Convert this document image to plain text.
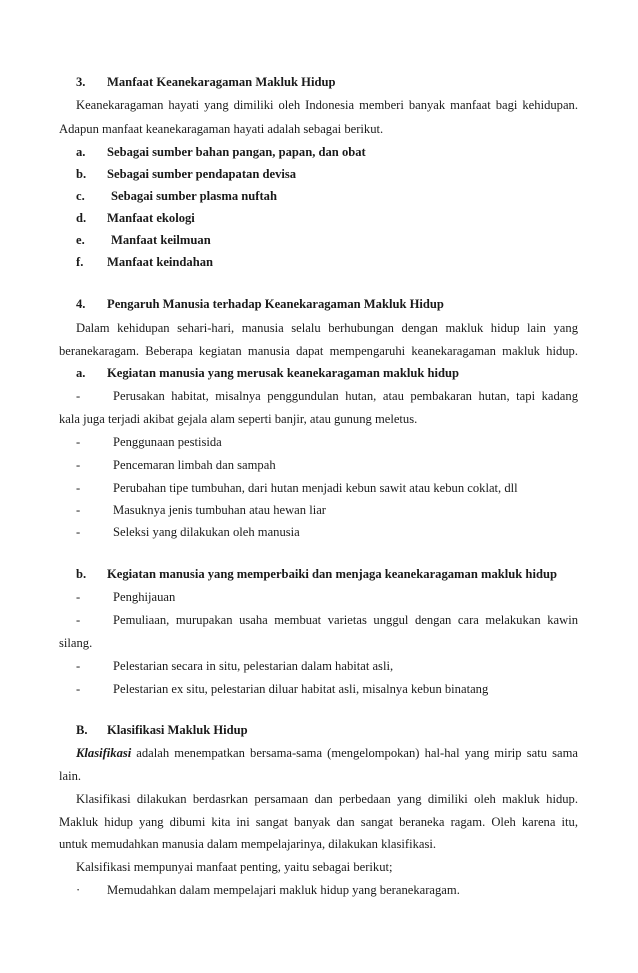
3. Manfaat Keanekaragaman Makluk Hidup
Keanekaragaman hayati yang dimiliki oleh Indonesia memberi banyak manfaat bagi kehidupan.
Adapun manfaat keanekaragaman hayati adalah sebagai berikut.
a. Sebagai sumber bahan pangan, papan, dan obat
b. Sebagai sumber pendapatan devisa
c. Sebagai sumber plasma nuftah
d. Manfaat ekologi
e. Manfaat keilmuan
f. Manfaat keindahan
4. Pengaruh Manusia terhadap Keanekaragaman Makluk Hidup
Dalam kehidupan sehari-hari, manusia selalu berhubungan dengan makluk hidup lain yang
beranekaragam. Beberapa kegiatan manusia dapat mempengaruhi keanekaragaman makluk hidup.
a. Kegiatan manusia yang merusak keanekaragaman makluk hidup
-	Perusakan habitat, misalnya penggundulan hutan, atau pembakaran hutan, tapi kadang
kala juga terjadi akibat gejala alam seperti banjir, atau gunung meletus.
-	Penggunaan pestisida
-	Pencemaran limbah dan sampah
-	Perubahan tipe tumbuhan, dari hutan menjadi kebun sawit atau kebun coklat, dll
-	Masuknya jenis tumbuhan atau hewan liar
-	Seleksi yang dilakukan oleh manusia
b. Kegiatan manusia yang memperbaiki dan menjaga keanekaragaman makluk hidup
-	Penghijauan
-	Pemuliaan, murupakan usaha membuat varietas unggul dengan cara melakukan kawin
silang.
-	Pelestarian secara in situ, pelestarian dalam habitat asli,
-	Pelestarian ex situ, pelestarian diluar habitat asli, misalnya kebun binatang
B. Klasifikasi Makluk Hidup
Klasifikasi adalah menempatkan bersama-sama (mengelompokan) hal-hal yang mirip satu sama
lain.
Klasifikasi dilakukan berdasrkan persamaan dan perbedaan yang dimiliki oleh makluk hidup.
Makluk hidup yang dibumi kita ini sangat banyak dan sangat beraneka ragam. Oleh karena itu,
untuk memudahkan manusia dalam mempelajarinya, dilakukan klasifikasi.
Kalsifikasi mempunyai manfaat penting, yaitu sebagai berikut;
· Memudahkan dalam mempelajari makluk hidup yang beranekaragam.
